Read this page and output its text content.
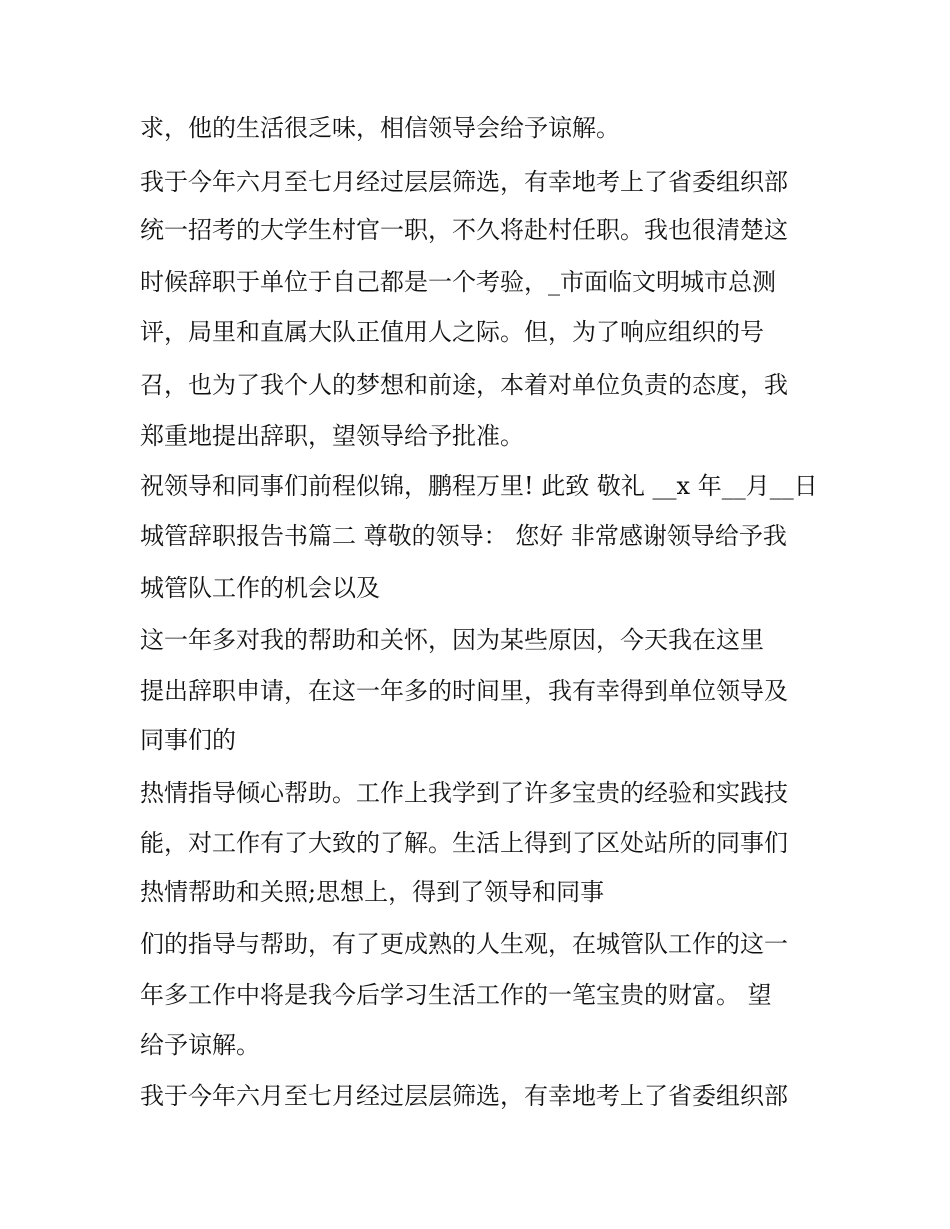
求，他的生活很乏味，相信领导会给予谅解。
我于今年六月至七月经过层层筛选，有幸地考上了省委组织部
统一招考的大学生村官一职，不久将赴村任职。我也很清楚这
时候辞职于单位于自己都是一个考验，_市面临文明城市总测
评，局里和直属大队正值用人之际。但，为了响应组织的号
召，也为了我个人的梦想和前途，本着对单位负责的态度，我
郑重地提出辞职，望领导给予批准。
祝领导和同事们前程似锦，鹏程万里! 此致 敬礼 __x 年__月__日
城管辞职报告书篇二 尊敬的领导： 您好 非常感谢领导给予我
城管队工作的机会以及
这一年多对我的帮助和关怀，因为某些原因，今天我在这里
提出辞职申请，在这一年多的时间里，我有幸得到单位领导及
同事们的
热情指导倾心帮助。工作上我学到了许多宝贵的经验和实践技
能，对工作有了大致的了解。生活上得到了区处站所的同事们
热情帮助和关照;思想上，得到了领导和同事
们的指导与帮助，有了更成熟的人生观，在城管队工作的这一
年多工作中将是我今后学习生活工作的一笔宝贵的财富。 望
给予谅解。
我于今年六月至七月经过层层筛选，有幸地考上了省委组织部
